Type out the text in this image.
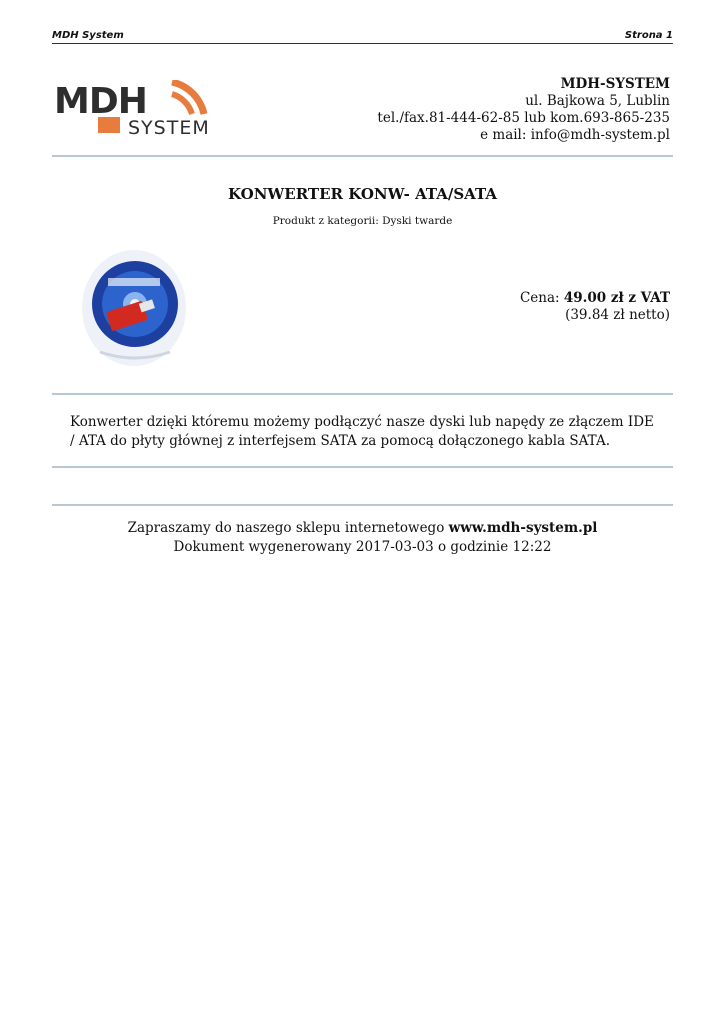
MDH System	Strona 1
MDH
SYSTEM
MDH-SYSTEM
ul. Bajkowa 5, Lublin
tel./fax.81-444-62-85 lub kom.693-865-235
e mail: info@mdh-system.pl
KONWERTER KONW- ATA/SATA
Produkt z kategorii: Dyski twarde
Cena: 49.00 zł z VAT
(39.84 zł netto)
Konwerter dzięki któremu możemy podłączyć nasze dyski lub napędy ze złączem IDE / ATA do płyty głównej z interfejsem SATA za pomocą dołączonego kabla SATA.
Zapraszamy do naszego sklepu internetowego www.mdh-system.pl
Dokument wygenerowany 2017-03-03 o godzinie 12:22
